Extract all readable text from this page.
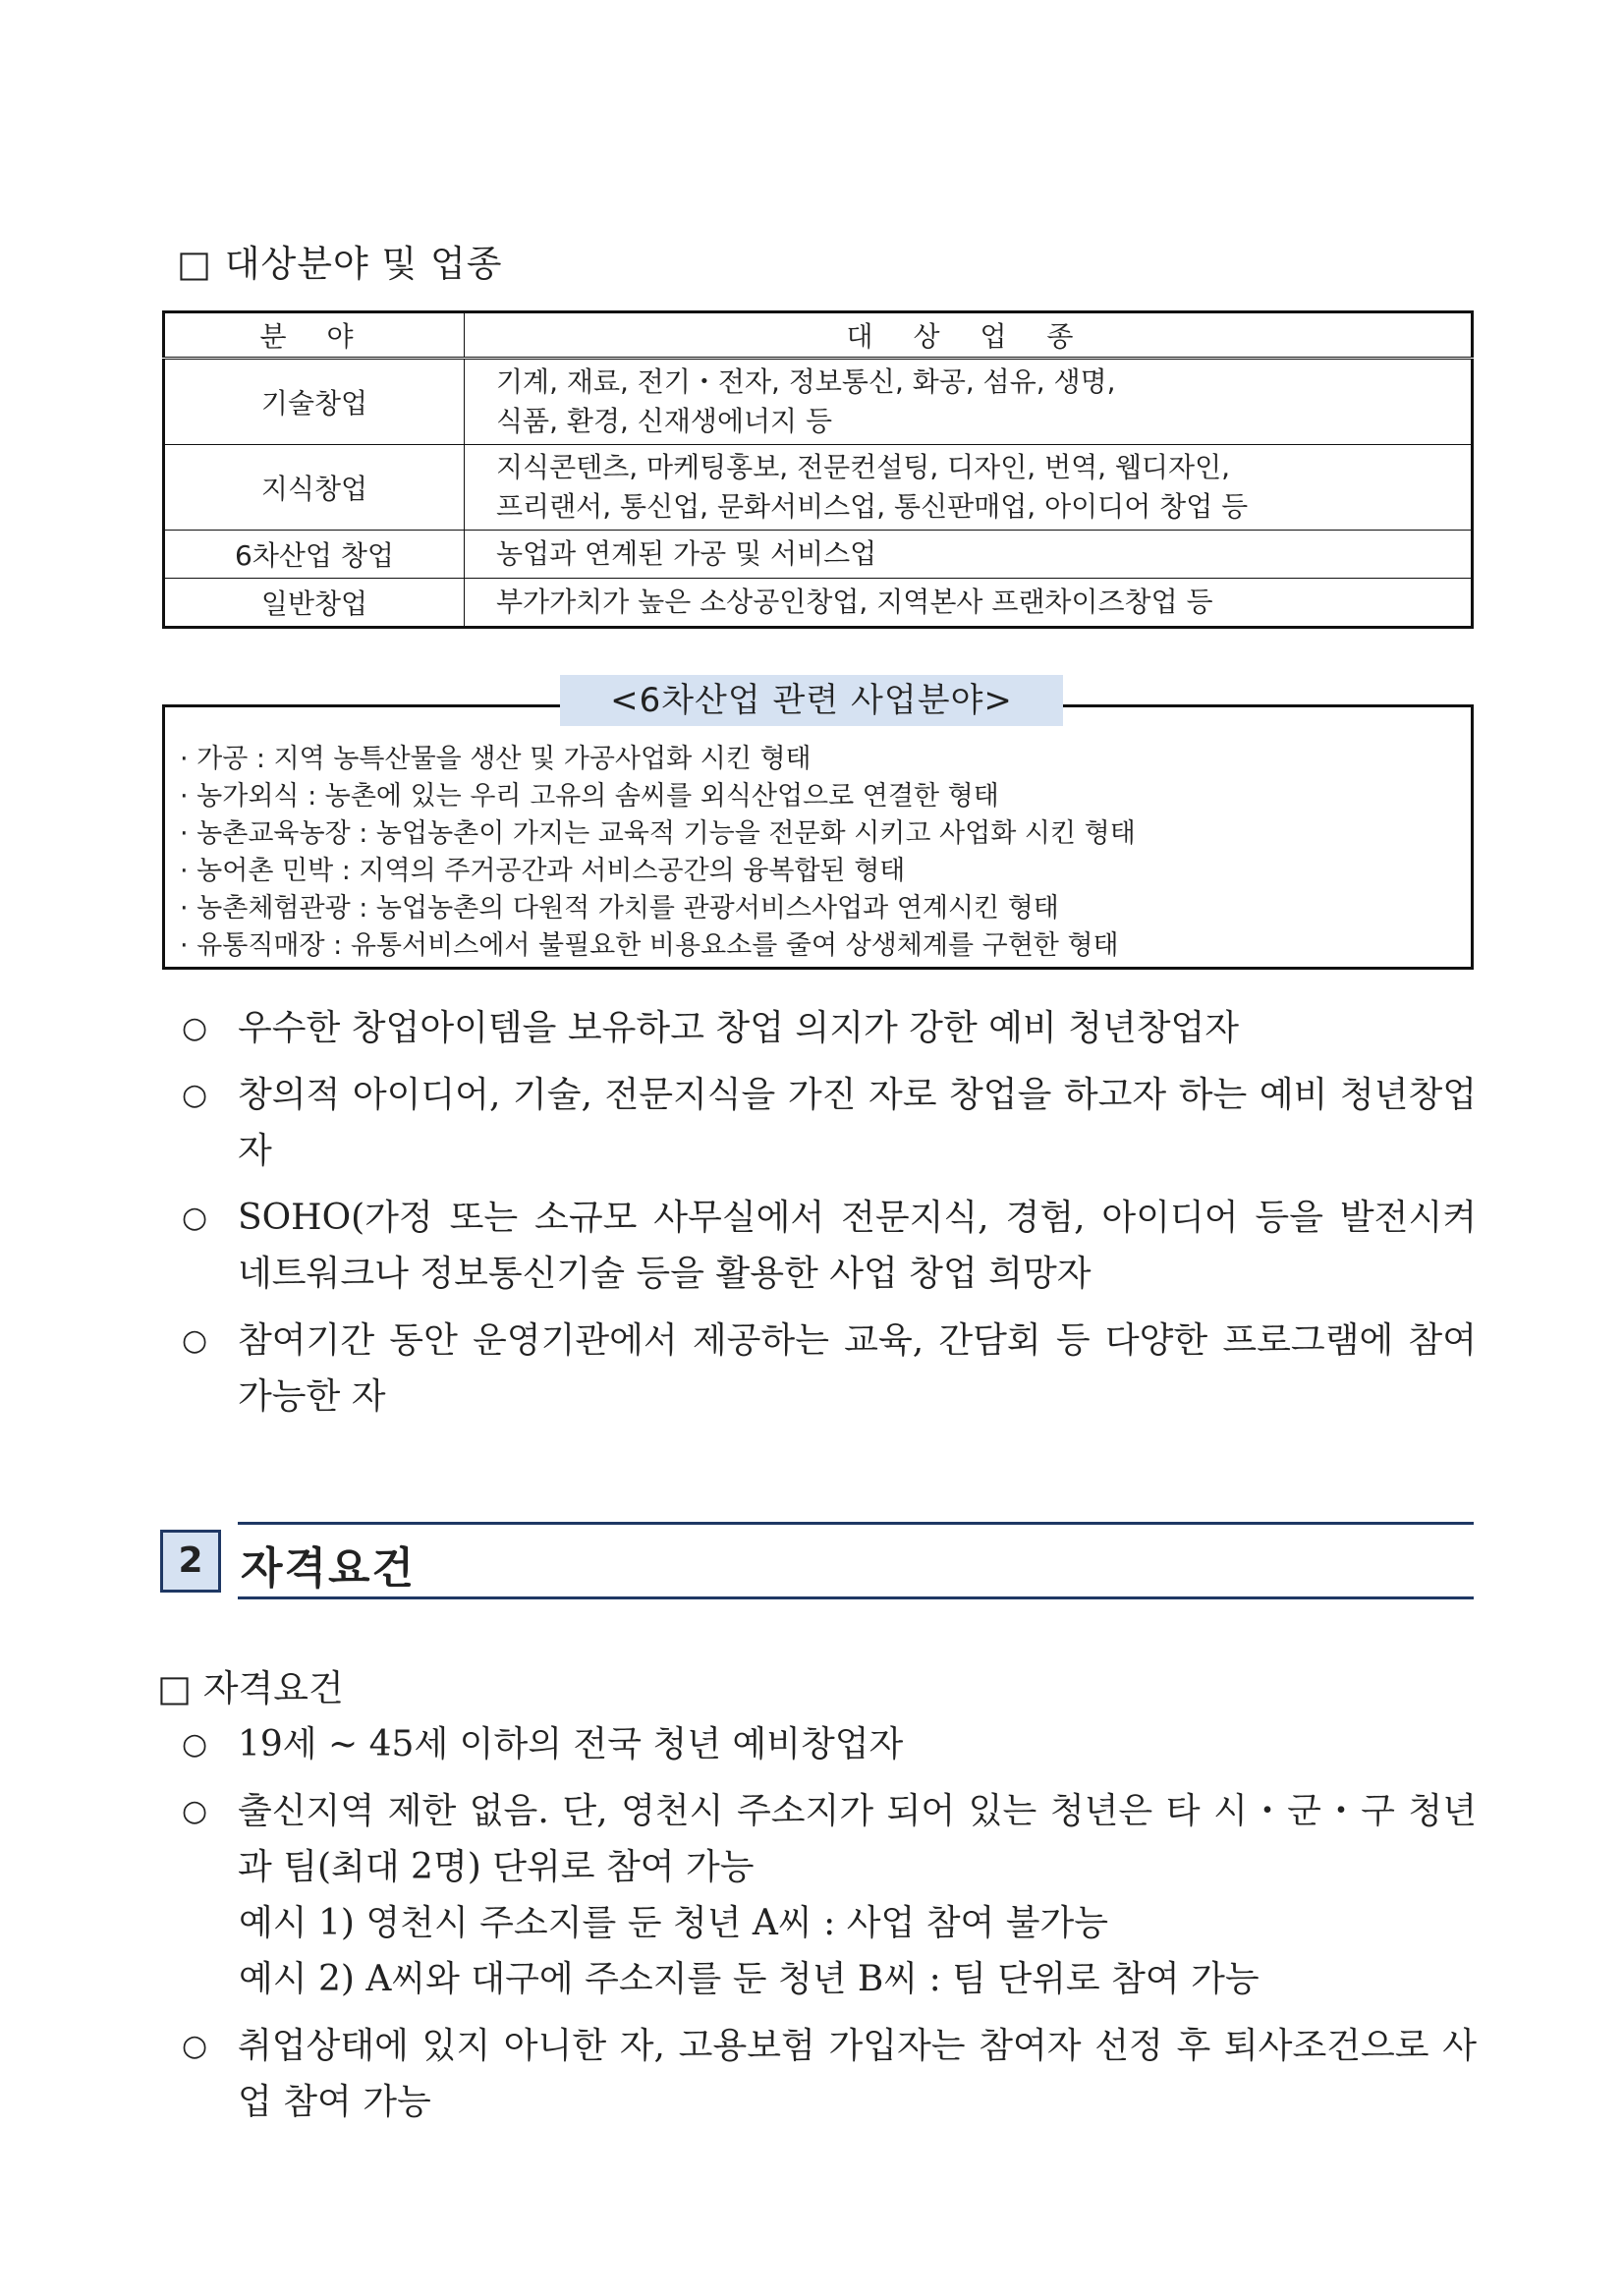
□ 대상분야 및 업종
분 야	대 상 업 종
기술창업	기계, 재료, 전기・전자, 정보통신, 화공, 섬유, 생명,
식품, 환경, 신재생에너지 등

지식창업	지식콘텐츠, 마케팅홍보, 전문컨설팅, 디자인, 번역, 웹디자인,
프리랜서, 통신업, 문화서비스업, 통신판매업, 아이디어 창업 등

6차산업 창업	농업과 연계된 가공 및 서비스업

일반창업	부가가치가 높은 소상공인창업, 지역본사 프랜차이즈창업 등
<6차산업 관련 사업분야>
· 가공 : 지역 농특산물을 생산 및 가공사업화 시킨 형태
· 농가외식 : 농촌에 있는 우리 고유의 솜씨를 외식산업으로 연결한 형태
· 농촌교육농장 : 농업농촌이 가지는 교육적 기능을 전문화 시키고 사업화 시킨 형태
· 농어촌 민박 : 지역의 주거공간과 서비스공간의 융복합된 형태
· 농촌체험관광 : 농업농촌의 다원적 가치를 관광서비스사업과 연계시킨 형태
· 유통직매장 : 유통서비스에서 불필요한 비용요소를 줄여 상생체계를 구현한 형태
○ 우수한 창업아이템을 보유하고 창업 의지가 강한 예비 청년창업자
○ 창의적 아이디어, 기술, 전문지식을 가진 자로 창업을 하고자 하는 예비 청년창업자
○ SOHO(가정 또는 소규모 사무실에서 전문지식, 경험, 아이디어 등을 발전시켜 네트워크나 정보통신기술 등을 활용한 사업 창업 희망자
○ 참여기간 동안 운영기관에서 제공하는 교육, 간담회 등 다양한 프로그램에 참여가능한 자
2 자격요건
□ 자격요건
○ 19세 ~ 45세 이하의 전국 청년 예비창업자
○ 출신지역 제한 없음. 단, 영천시 주소지가 되어 있는 청년은 타 시・군・구 청년과 팀(최대 2명) 단위로 참여 가능
예시 1) 영천시 주소지를 둔 청년 A씨 : 사업 참여 불가능
예시 2) A씨와 대구에 주소지를 둔 청년 B씨 : 팀 단위로 참여 가능
○ 취업상태에 있지 아니한 자, 고용보험 가입자는 참여자 선정 후 퇴사조건으로 사업 참여 가능
